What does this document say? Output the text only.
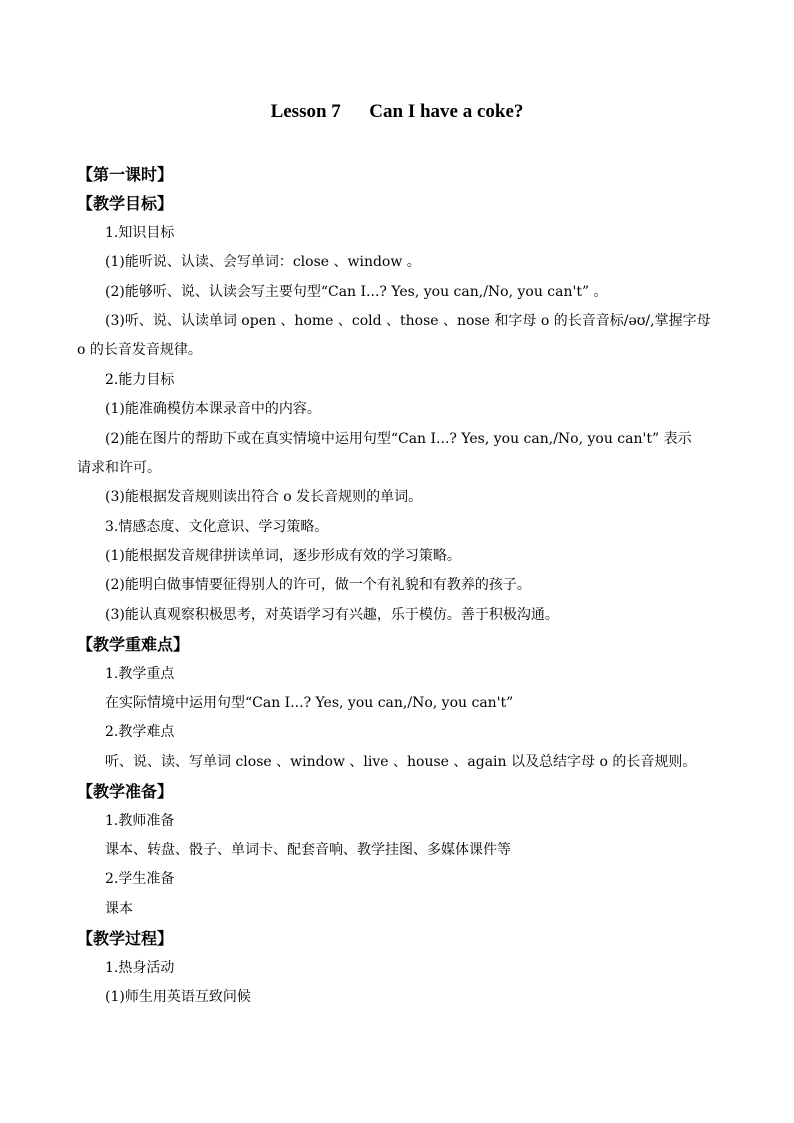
Lesson 7      Can I have a coke?
【第一课时】
【教学目标】
1.知识目标
(1)能听说、认读、会写单词：close 、window 。
(2)能够听、说、认读会写主要句型“Can I...? Yes, you can,/No, you can't” 。
(3)听、说、认读单词 open 、home 、cold 、those 、nose 和字母 o 的长音音标/əʊ/,掌握字母
o 的长音发音规律。
2.能力目标
(1)能准确模仿本课录音中的内容。
(2)能在图片的帮助下或在真实情境中运用句型“Can I...? Yes, you can,/No, you can't” 表示
请求和许可。
(3)能根据发音规则读出符合 o 发长音规则的单词。
3.情感态度、文化意识、学习策略。
(1)能根据发音规律拼读单词，逐步形成有效的学习策略。
(2)能明白做事情要征得别人的许可，做一个有礼貌和有教养的孩子。
(3)能认真观察积极思考，对英语学习有兴趣，乐于模仿。善于积极沟通。
【教学重难点】
1.教学重点
在实际情境中运用句型“Can I...? Yes, you can,/No, you can't”
2.教学难点
听、说、读、写单词 close 、window 、live 、house 、again 以及总结字母 o 的长音规则。
【教学准备】
1.教师准备
课本、转盘、骰子、单词卡、配套音响、教学挂图、多媒体课件等
2.学生准备
课本
【教学过程】
1.热身活动
(1)师生用英语互致问候
